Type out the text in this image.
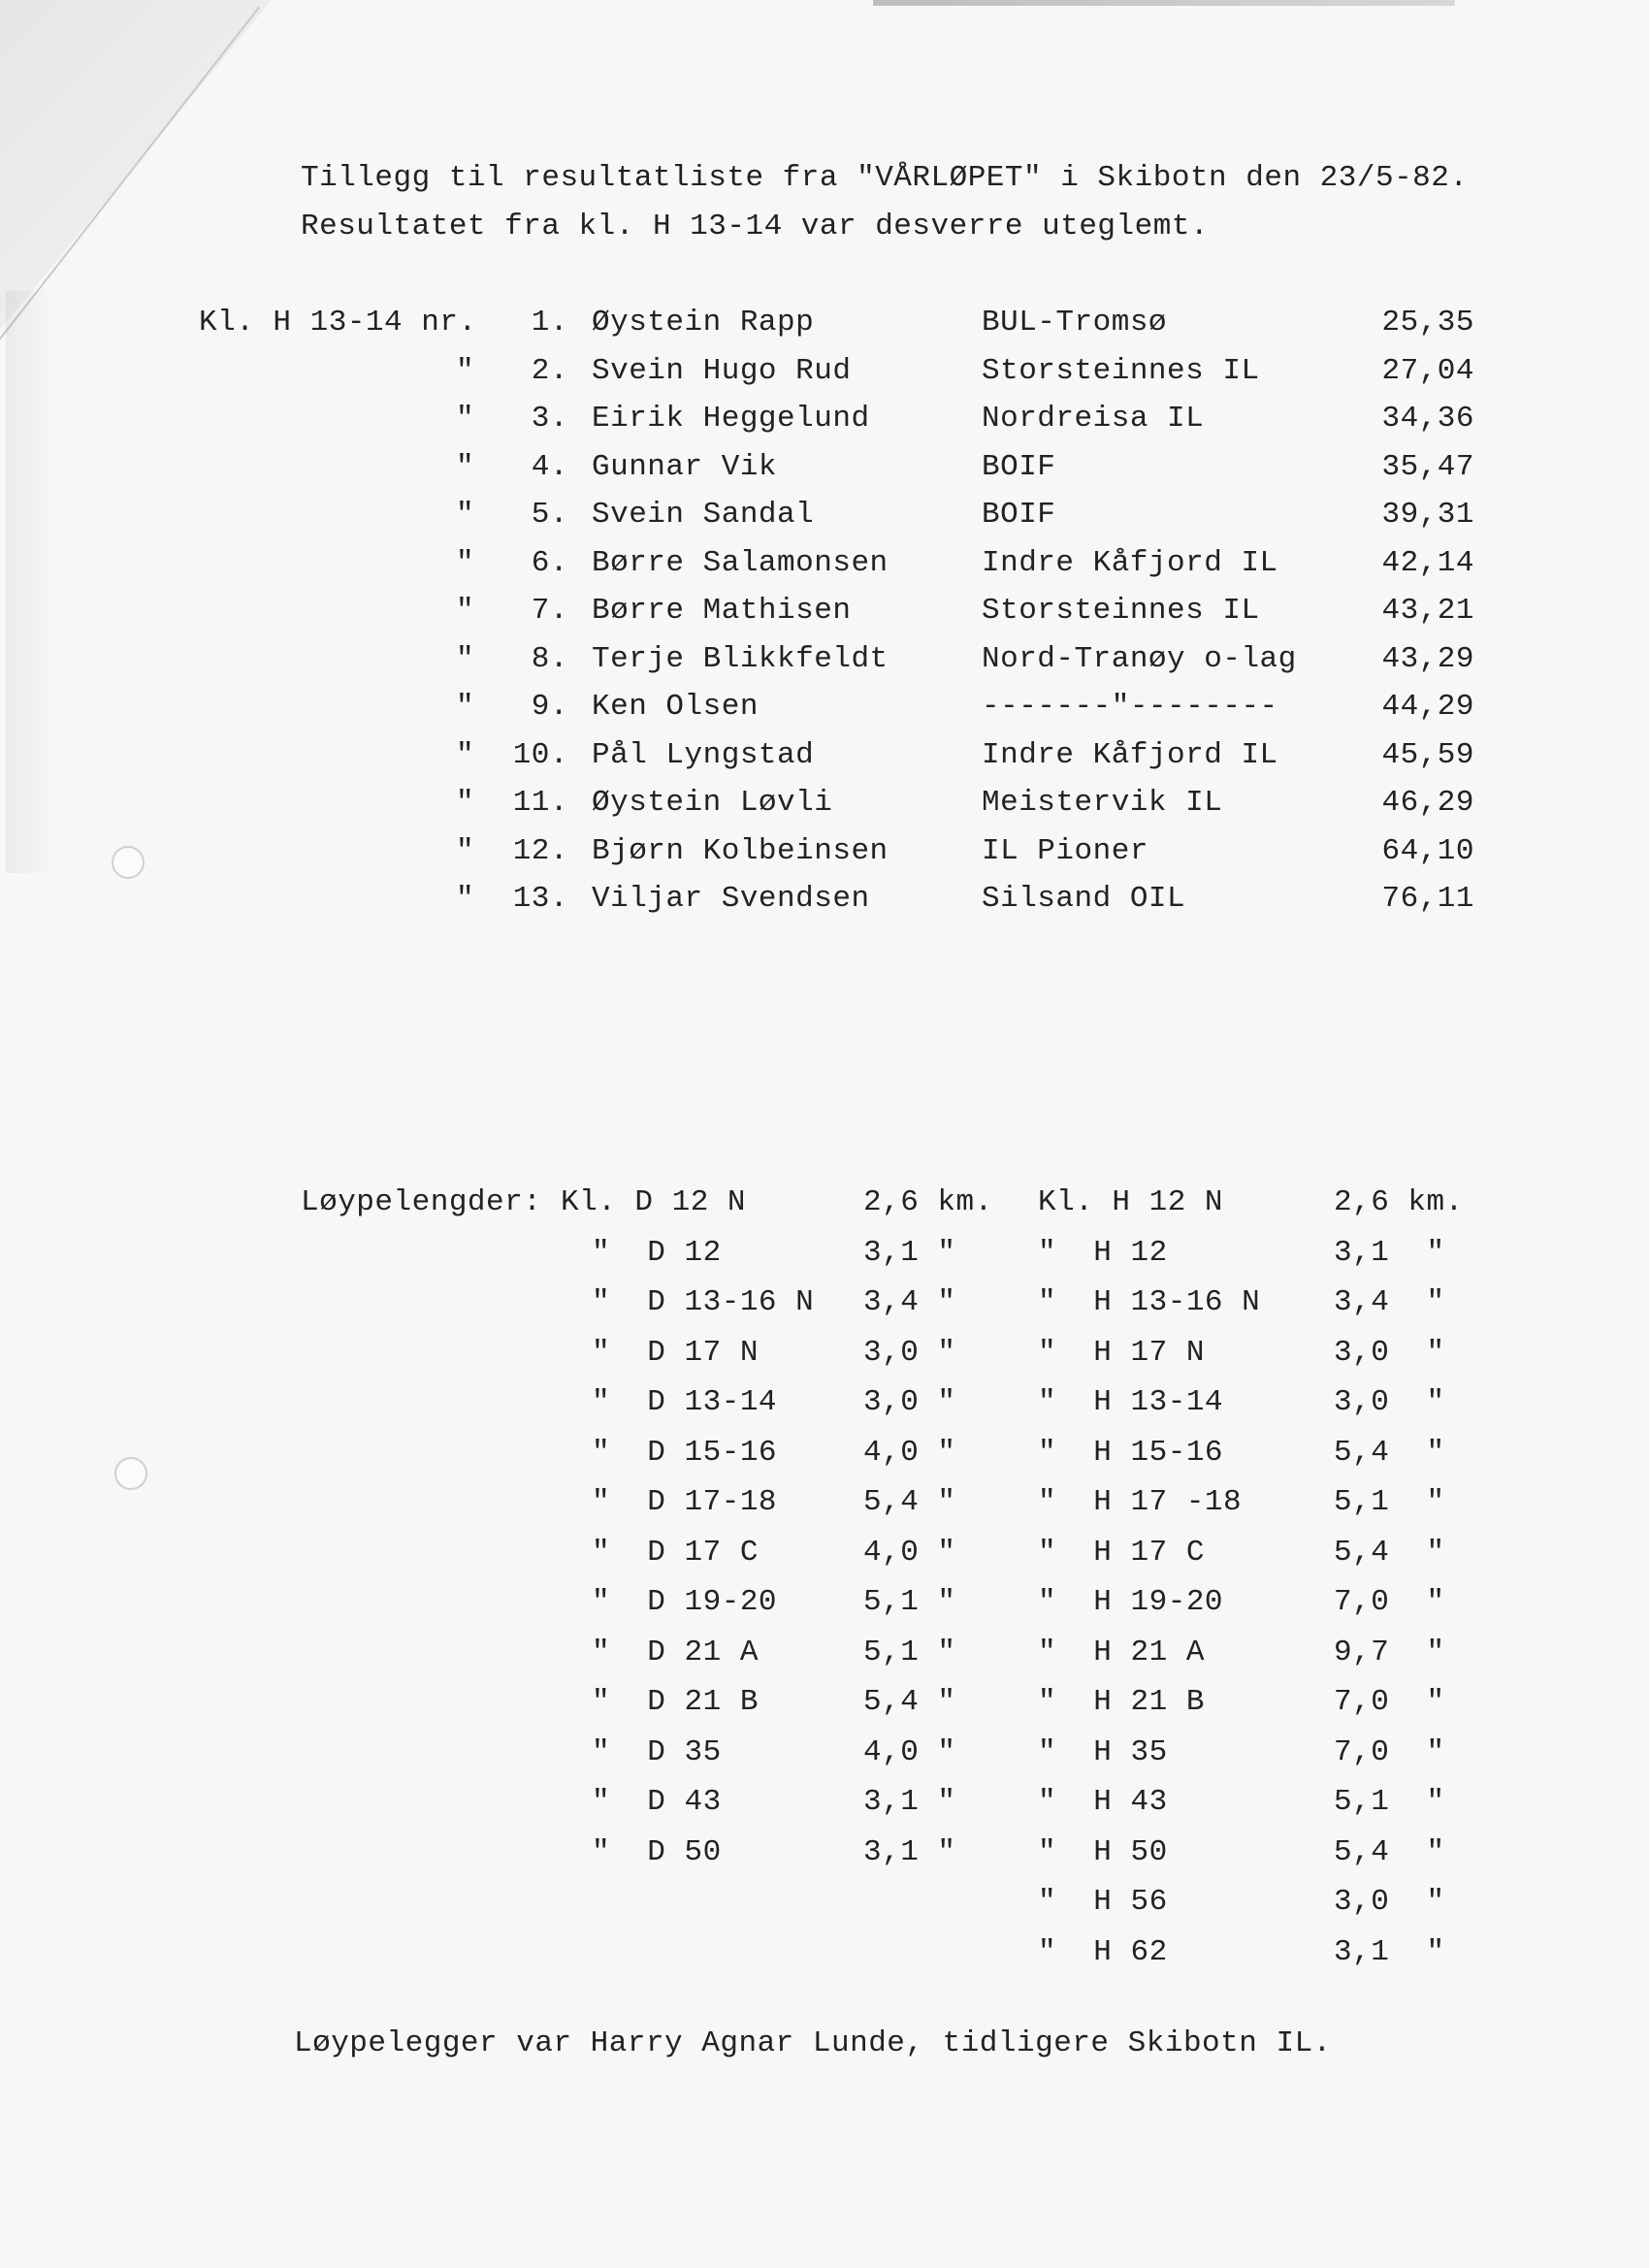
Tillegg til resultatliste fra "VÅRLØPET" i Skibotn den 23/5-82.
Resultatet fra kl. H 13-14 var desverre uteglemt.
Kl. H 13-14 nr.	1. Øystein Rapp	BUL-Tromsø	25,35
"	2. Svein Hugo Rud	Storsteinnes IL	27,04
"	3. Eirik Heggelund	Nordreisa IL	34,36
"	4. Gunnar Vik	BOIF	35,47
"	5. Svein Sandal	BOIF	39,31
"	6. Børre Salamonsen	Indre Kåfjord IL	42,14
"	7. Børre Mathisen	Storsteinnes IL	43,21
"	8. Terje Blikkfeldt	Nord-Tranøy o-lag	43,29
"	9. Ken Olsen	-------"--------	44,29
" 10. Pål Lyngstad	Indre Kåfjord IL	45,59
" 11. Øystein Løvli	Meistervik IL	46,29
" 12. Bjørn Kolbeinsen	IL Pioner	64,10
" 13. Viljar Svendsen	Silsand OIL	76,11
Løypelengder: Kl. D 12 N	2,6 km. Kl. H 12 N	2,6 km.
"  D 12	3,1 "	"  H 12	3,1  "
"  D 13-16 N 3,4 "	"  H 13-16 N 3,4  "
"  D 17 N	3,0 "	"  H 17 N	3,0  "
"  D 13-14	3,0 "	"  H 13-14	3,0  "
"  D 15-16	4,0 "	"  H 15-16	5,4  "
"  D 17-18	5,4 "	"  H 17 -18	5,1  "
"  D 17 C	4,0 "	"  H 17 C	5,4  "
"  D 19-20	5,1 "	"  H 19-20	7,0  "
"  D 21 A	5,1 "	"  H 21 A	9,7  "
"  D 21 B	5,4 "	"  H 21 B	7,0  "
"  D 35	4,0 "	"  H 35	7,0  "
"  D 43	3,1 "	"  H 43	5,1  "
"  D 50	3,1 "	"  H 50	5,4  "
"  H 56	3,0  "
"  H 62	3,1  "
Løypelegger var Harry Agnar Lunde, tidligere Skibotn IL.
